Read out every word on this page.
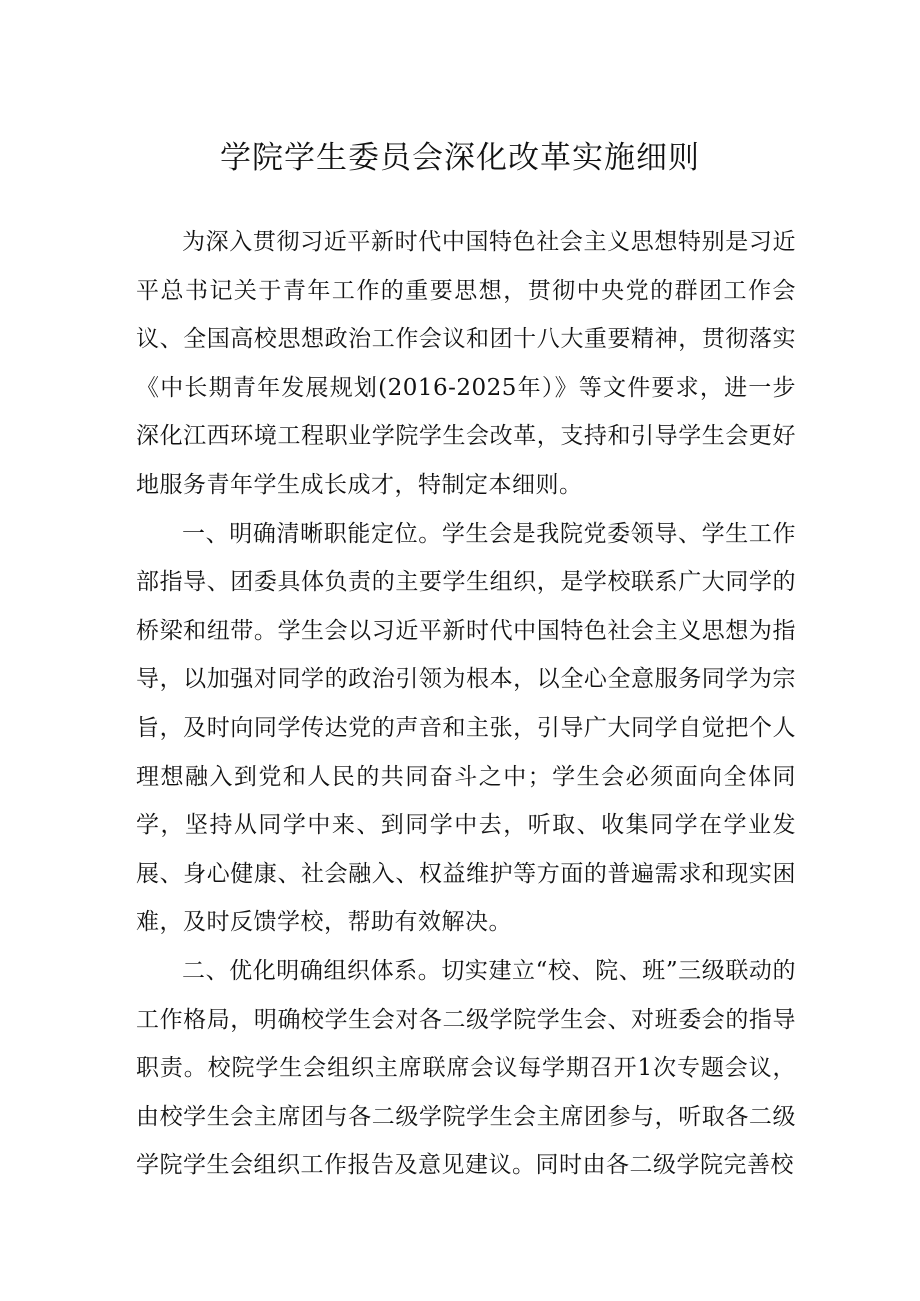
学院学生委员会深化改革实施细则

为深入贯彻习近平新时代中国特色社会主义思想特别是习近平总书记关于青年工作的重要思想，贯彻中央党的群团工作会议、全国高校思想政治工作会议和团十八大重要精神，贯彻落实《中长期青年发展规划(2016-2025年）》等文件要求，进一步深化江西环境工程职业学院学生会改革，支持和引导学生会更好地服务青年学生成长成才，特制定本细则。

一、明确清晰职能定位。学生会是我院党委领导、学生工作部指导、团委具体负责的主要学生组织，是学校联系广大同学的桥梁和纽带。学生会以习近平新时代中国特色社会主义思想为指导，以加强对同学的政治引领为根本，以全心全意服务同学为宗旨，及时向同学传达党的声音和主张，引导广大同学自觉把个人理想融入到党和人民的共同奋斗之中；学生会必须面向全体同学，坚持从同学中来、到同学中去，听取、收集同学在学业发展、身心健康、社会融入、权益维护等方面的普遍需求和现实困难，及时反馈学校，帮助有效解决。

二、优化明确组织体系。切实建立“校、院、班”三级联动的工作格局，明确校学生会对各二级学院学生会、对班委会的指导职责。校院学生会组织主席联席会议每学期召开1次专题会议，由校学生会主席团与各二级学院学生会主席团参与，听取各二级学院学生会组织工作报告及意见建议。同时由各二级学院完善校
